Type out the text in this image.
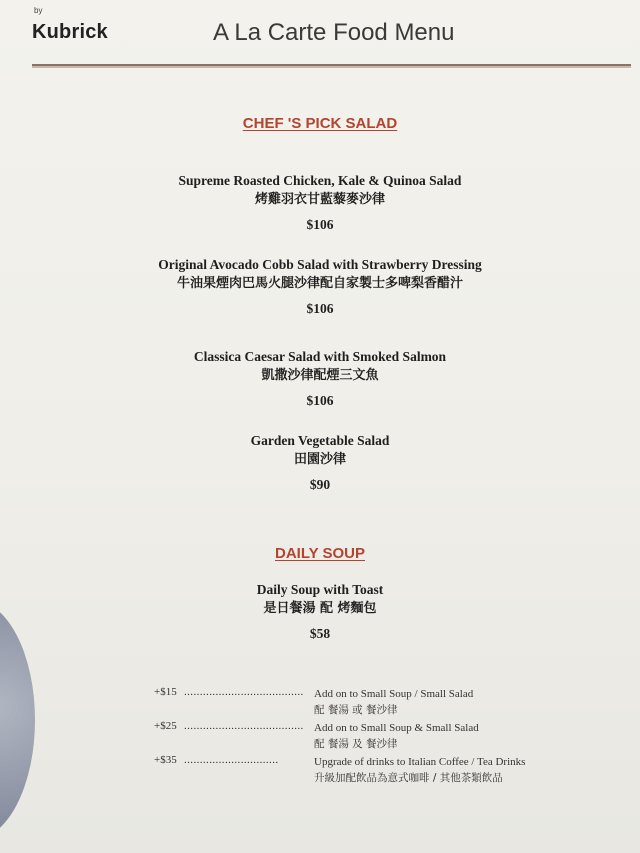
by
Kubrick	A La Carte Food Menu
CHEF 'S PICK SALAD
Supreme Roasted Chicken, Kale & Quinoa Salad
烤雞羽衣甘藍藜麥沙律
$106
Original Avocado Cobb Salad with Strawberry Dressing
牛油果煙肉巴馬火腿沙律配自家製士多啤梨香醋汁
$106
Classica Caesar Salad with Smoked Salmon
凱撒沙律配煙三文魚
$106
Garden Vegetable Salad
田園沙律
$90
DAILY SOUP
Daily Soup with Toast
是日餐湯 配 烤麵包
$58
+$15 ...................................... Add on to Small Soup / Small Salad
配 餐湯 或 餐沙律
+$25 ...................................... Add on to Small Soup & Small Salad
配 餐湯 及 餐沙律
+$35 ..............................	Upgrade of drinks to Italian Coffee / Tea Drinks
升級加配飲品為意式咖啡 / 其他茶類飲品
